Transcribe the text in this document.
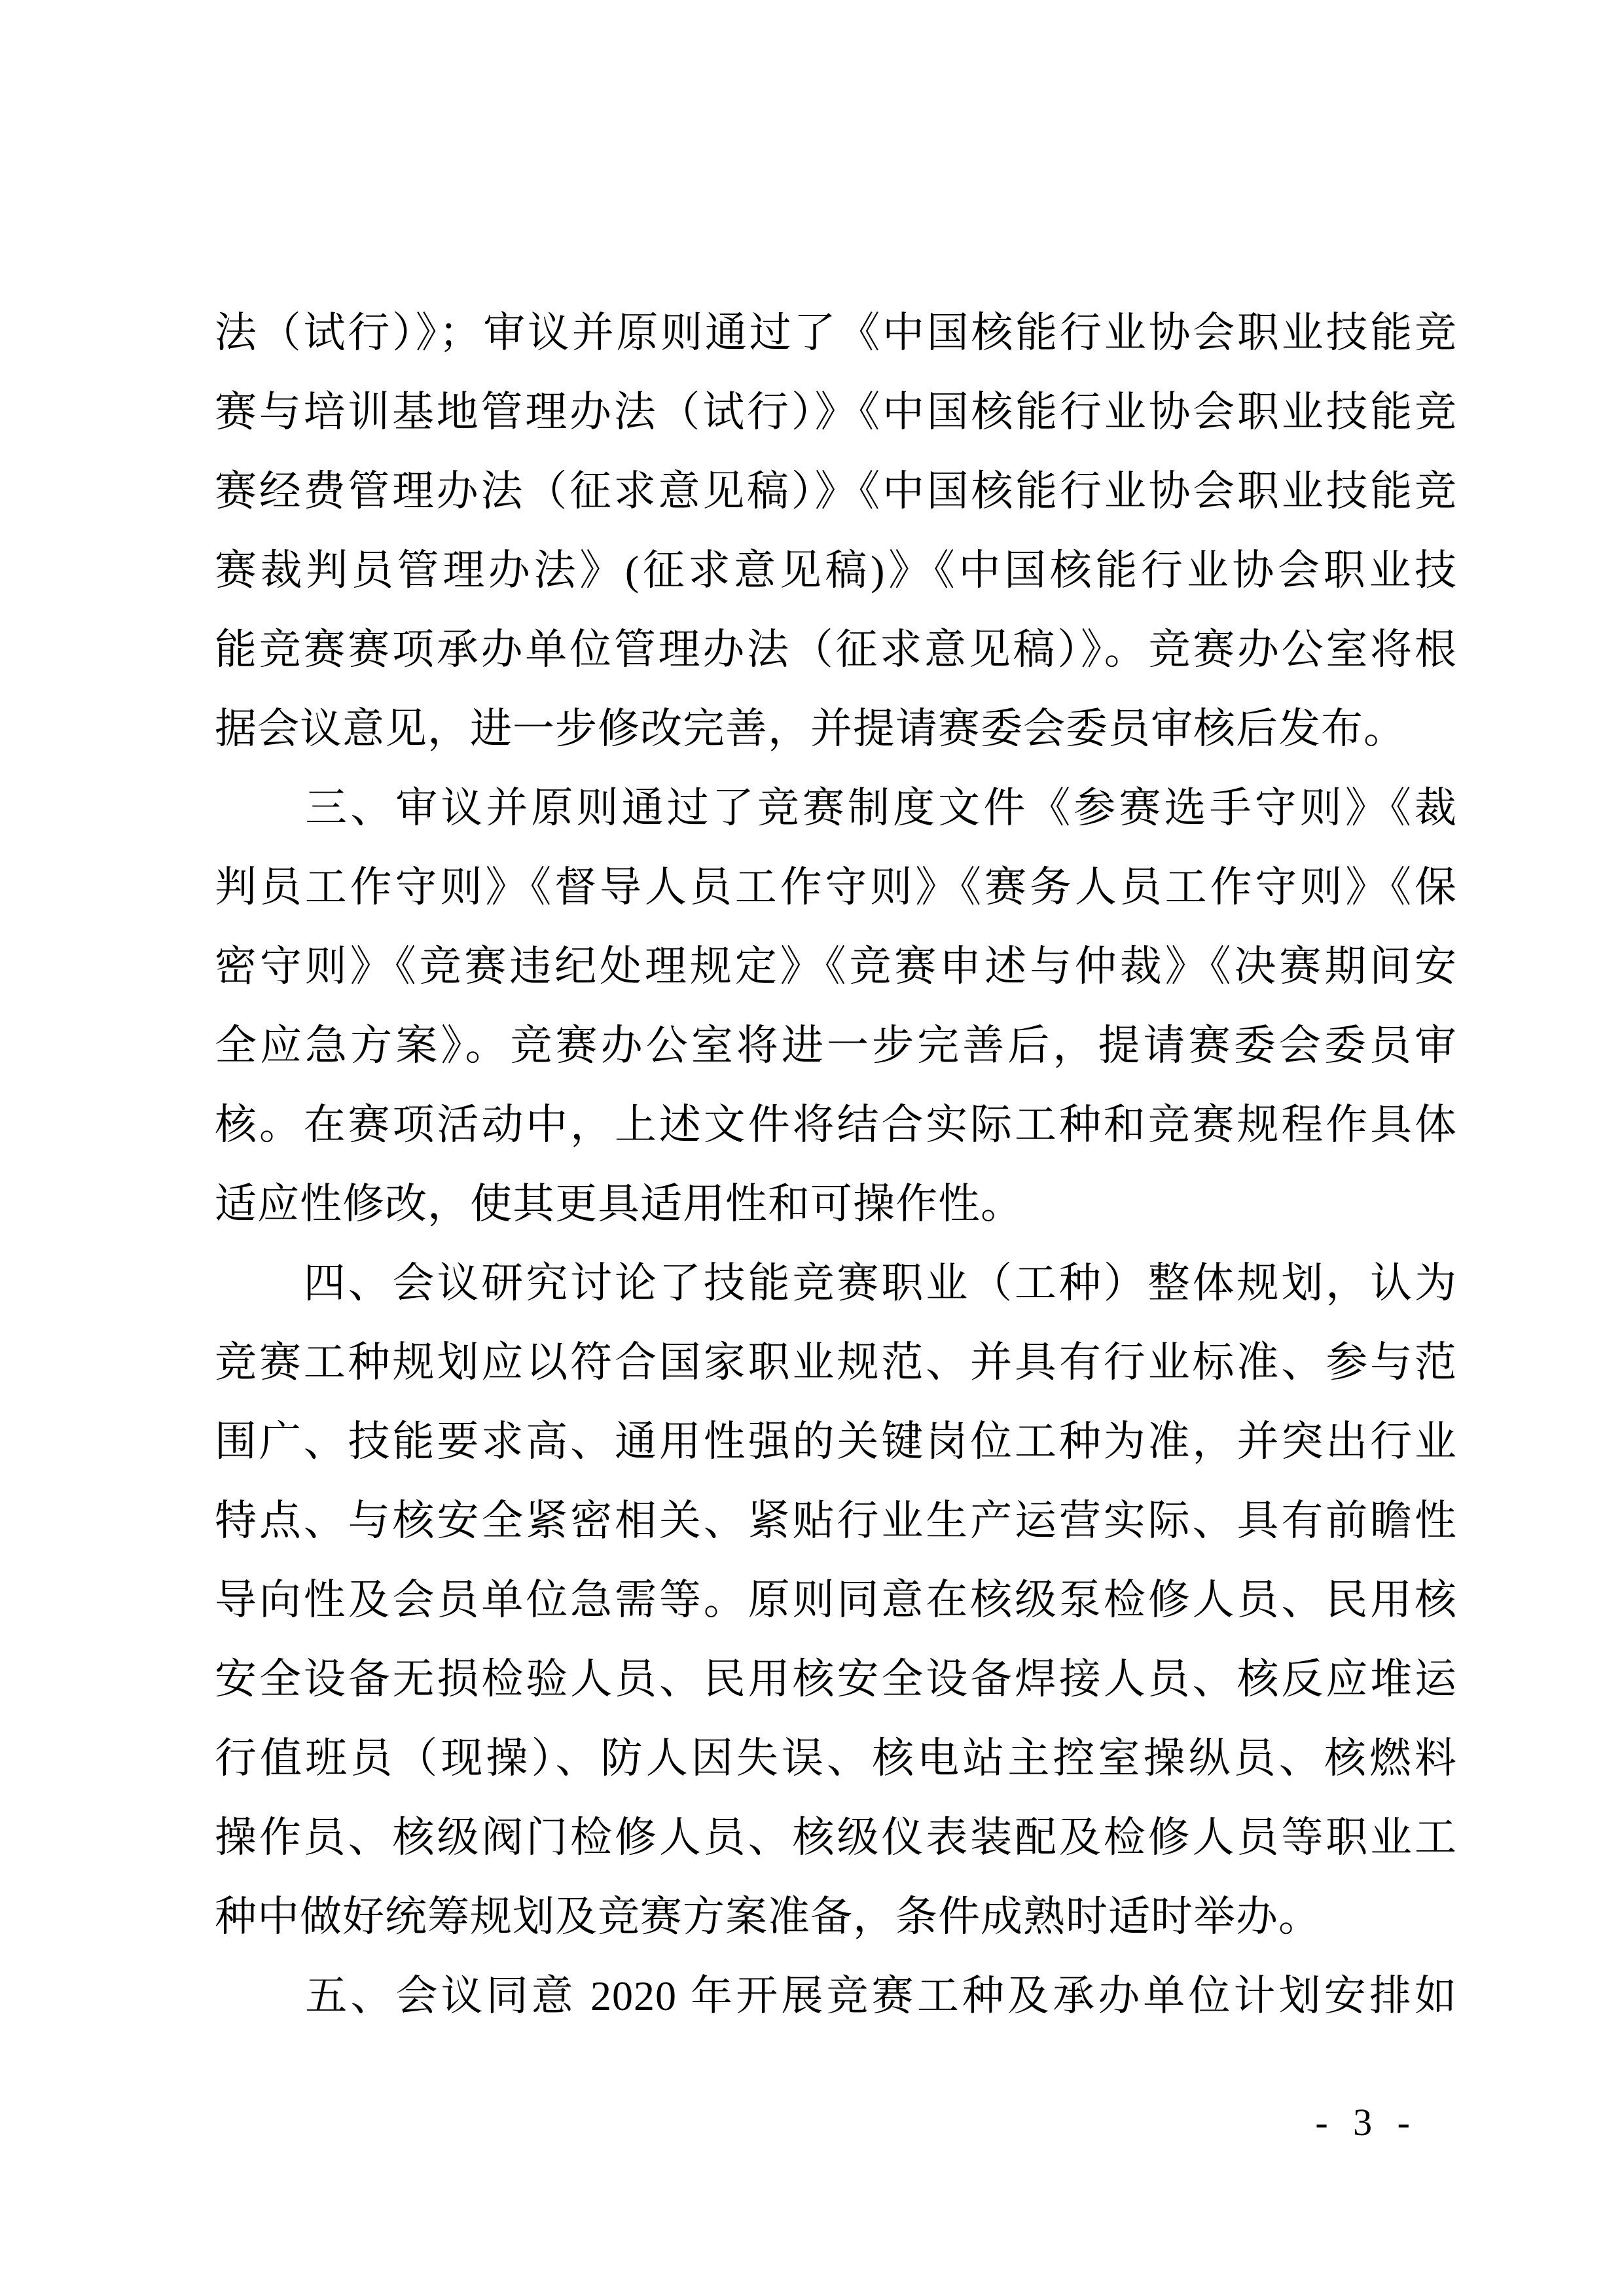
法（试行）》；审议并原则通过了《中国核能行业协会职业技能竞
赛与培训基地管理办法（试行）》《中国核能行业协会职业技能竞
赛经费管理办法（征求意见稿）》《中国核能行业协会职业技能竞
赛裁判员管理办法》(征求意见稿)》《中国核能行业协会职业技
能竞赛赛项承办单位管理办法（征求意见稿）》。竞赛办公室将根
据会议意见，进一步修改完善，并提请赛委会委员审核后发布。
　　三、审议并原则通过了竞赛制度文件《参赛选手守则》《裁
判员工作守则》《督导人员工作守则》《赛务人员工作守则》《保
密守则》《竞赛违纪处理规定》《竞赛申述与仲裁》《决赛期间安
全应急方案》。竞赛办公室将进一步完善后，提请赛委会委员审
核。在赛项活动中，上述文件将结合实际工种和竞赛规程作具体
适应性修改，使其更具适用性和可操作性。
　　四、会议研究讨论了技能竞赛职业（工种）整体规划，认为
竞赛工种规划应以符合国家职业规范、并具有行业标准、参与范
围广、技能要求高、通用性强的关键岗位工种为准，并突出行业
特点、与核安全紧密相关、紧贴行业生产运营实际、具有前瞻性
导向性及会员单位急需等。原则同意在核级泵检修人员、民用核
安全设备无损检验人员、民用核安全设备焊接人员、核反应堆运
行值班员（现操）、防人因失误、核电站主控室操纵员、核燃料
操作员、核级阀门检修人员、核级仪表装配及检修人员等职业工
种中做好统筹规划及竞赛方案准备，条件成熟时适时举办。
　　五、会议同意 2020 年开展竞赛工种及承办单位计划安排如
- 3 -
